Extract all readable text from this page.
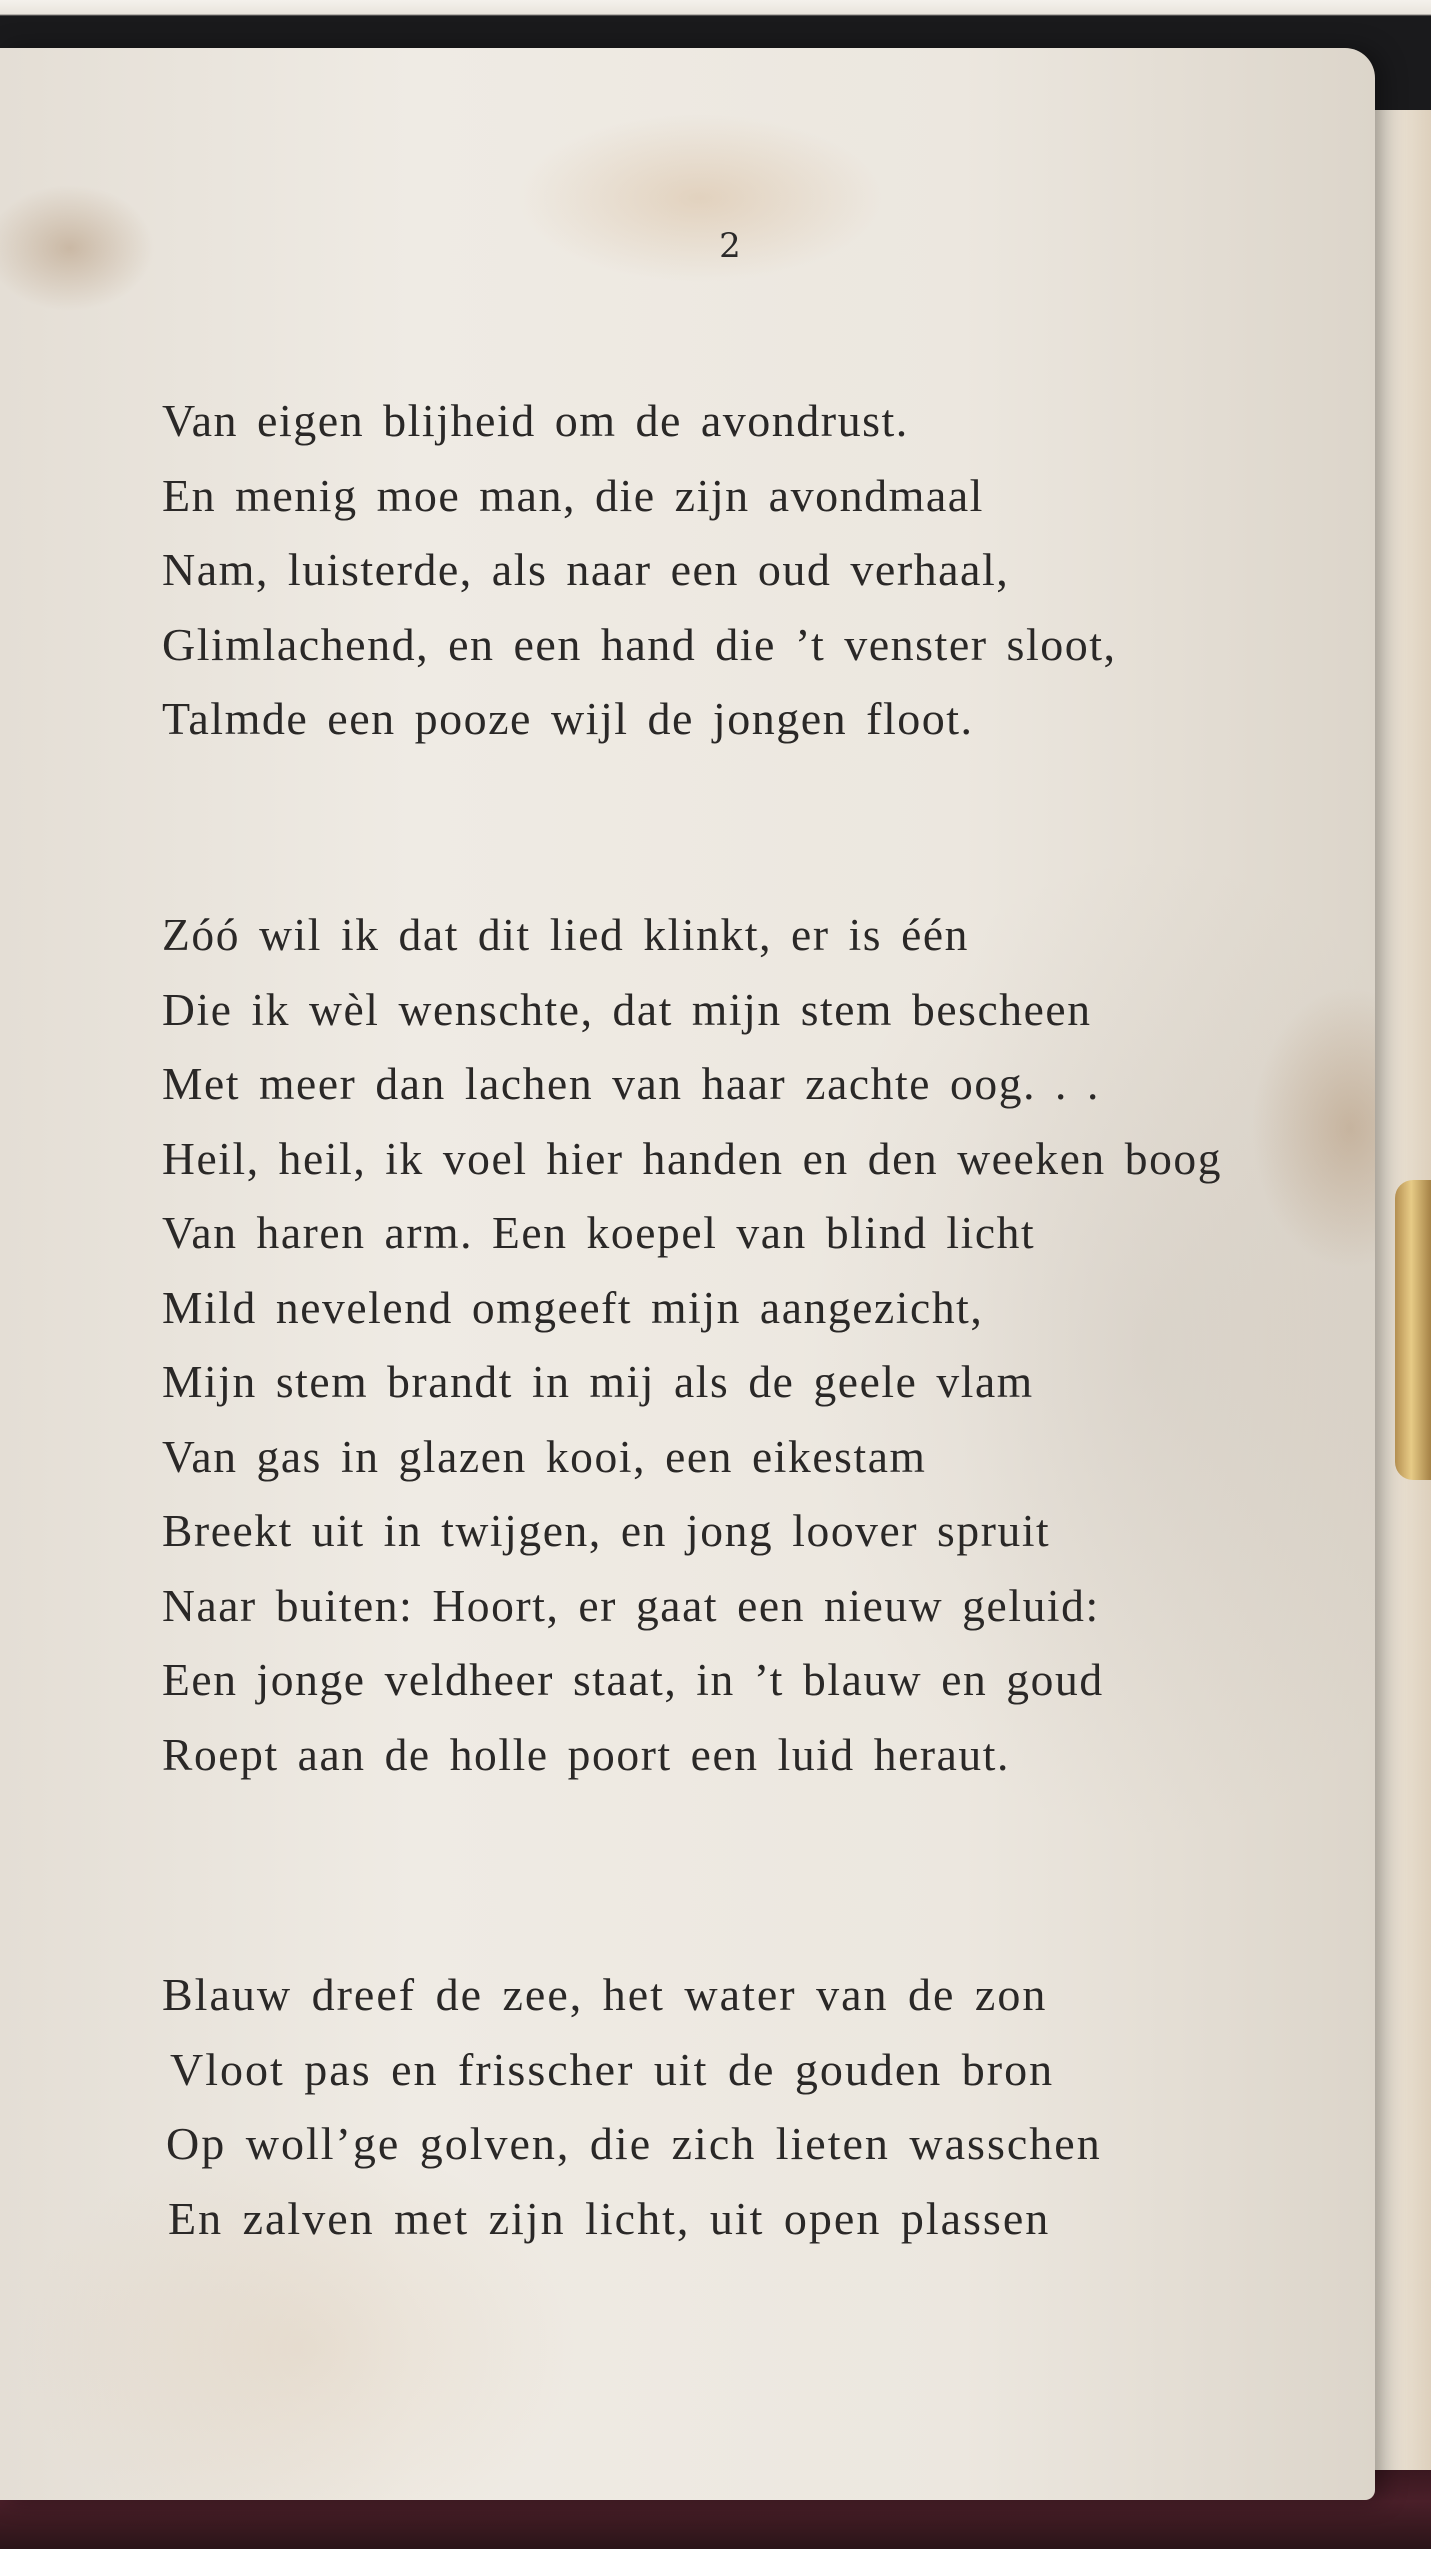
2
Van eigen blijheid om de avondrust.
En menig moe man, die zijn avondmaal
Nam, luisterde, als naar een oud verhaal,
Glimlachend, en een hand die ’t venster sloot,
Talmde een pooze wijl de jongen floot.
Zóó wil ik dat dit lied klinkt, er is één
Die ik wèl wenschte, dat mijn stem bescheen
Met meer dan lachen van haar zachte oog. . .
Heil, heil, ik voel hier handen en den weeken boog
Van haren arm. Een koepel van blind licht
Mild nevelend omgeeft mijn aangezicht,
Mijn stem brandt in mij als de geele vlam
Van gas in glazen kooi, een eikestam
Breekt uit in twijgen, en jong loover spruit
Naar buiten: Hoort, er gaat een nieuw geluid:
Een jonge veldheer staat, in ’t blauw en goud
Roept aan de holle poort een luid heraut.
Blauw dreef de zee, het water van de zon
Vloot pas en frisscher uit de gouden bron
Op woll’ge golven, die zich lieten wasschen
En zalven met zijn licht, uit open plassen
